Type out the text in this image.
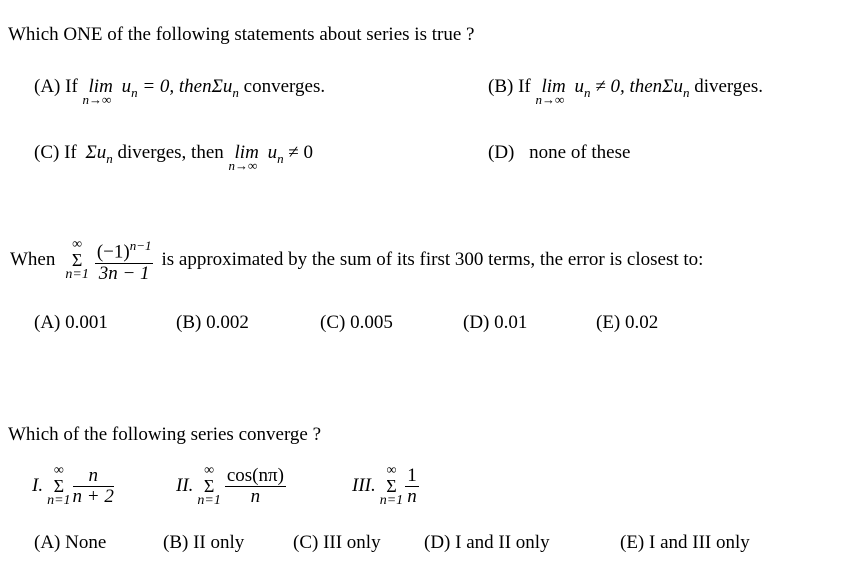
Which ONE of the following statements about series is true ?
(A) If lim
n→∞
$u_n = 0$, thenΣu$_n$ converges.	(B) If lim
n→∞
$u_n \ne 0$, thenΣu$_n$ diverges.
(C) If $\Sigma u_n$ diverges, then lim
n→∞
$u_n \ne 0$	(D) none of these
When
∞
Σ
$n=1 \frac{(-1)^{n-1}}{3n - 1}$ is approximated by the sum of its first 300 terms, the error is closest to:
(A) 0.001	(B) 0.002	(C) 0.005	(D) 0.01	(E) 0.02
Which of the following series converge ?
I.
∞
Σ
$n=1 \frac{n}{n + 2}$	II.
∞
Σ
$n=1 \frac{\cos(n\pi)}{n}$	III.
∞
Σ
$n=1 \frac{1}{n}$
(A) None	(B) II only	(C) III only (D) I and II only	(E) I and III only
